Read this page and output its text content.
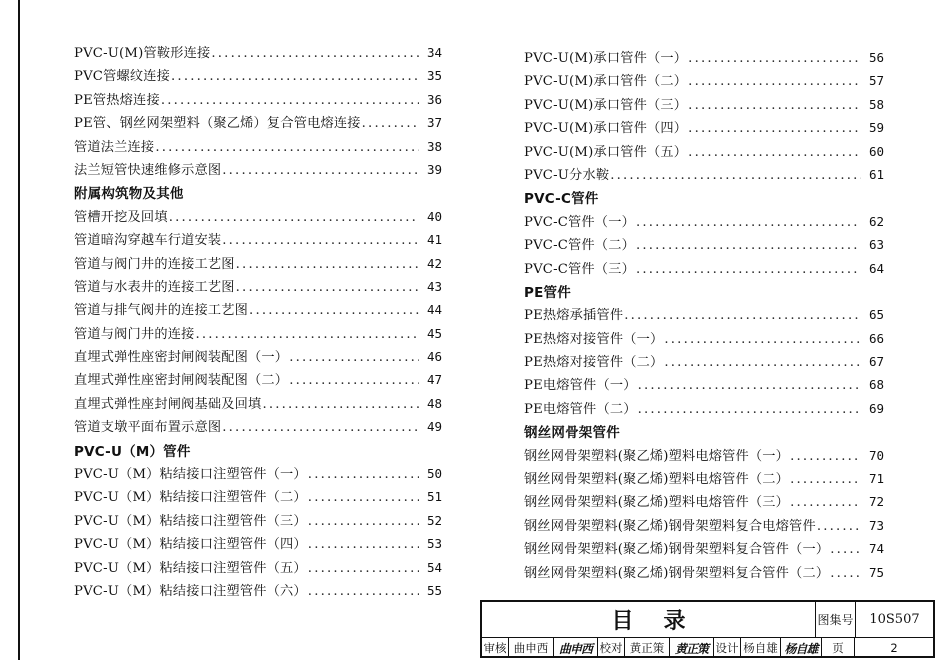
PVC-U(M)管鞍形连接 .....	34
PVC管螺纹连接 .....	35
PE管热熔连接 .....	36
PE管、钢丝网架塑料（聚乙烯）复合管电熔连接 .....	37
管道法兰连接 .....	38
法兰短管快速维修示意图 .....	39
附属构筑物及其他
管槽开挖及回填 .....	40
管道暗沟穿越车行道安装 .....	41
管道与阀门井的连接工艺图 .....	42
管道与水表井的连接工艺图 .....	43
管道与排气阀井的连接工艺图 .....	44
管道与阀门井的连接 .....	45
直埋式弹性座密封闸阀装配图（一） .....	46
直埋式弹性座密封闸阀装配图（二） .....	47
直埋式弹性座封闸阀基础及回填 .....	48
管道支墩平面布置示意图 .....	49
PVC-U（M）管件
PVC-U（M）粘结接口注塑管件（一） .....	50
PVC-U（M）粘结接口注塑管件（二） .....	51
PVC-U（M）粘结接口注塑管件（三） .....	52
PVC-U（M）粘结接口注塑管件（四） .....	53
PVC-U（M）粘结接口注塑管件（五） .....	54
PVC-U（M）粘结接口注塑管件（六） .....	55
PVC-U(M)承口管件（一） .....	56
PVC-U(M)承口管件（二） .....	57
PVC-U(M)承口管件（三） .....	58
PVC-U(M)承口管件（四） .....	59
PVC-U(M)承口管件（五） .....	60
PVC-U分水鞍 .....	61
PVC-C管件
PVC-C管件（一） .....	62
PVC-C管件（二） .....	63
PVC-C管件（三） .....	64
PE管件
PE热熔承插管件 .....	65
PE热熔对接管件（一） .....	66
PE热熔对接管件（二） .....	67
PE电熔管件（一） .....	68
PE电熔管件（二） .....	69
钢丝网骨架管件
钢丝网骨架塑料(聚乙烯)塑料电熔管件（一） .....	70
钢丝网骨架塑料(聚乙烯)塑料电熔管件（二） .....	71
钢丝网骨架塑料(聚乙烯)塑料电熔管件（三） .....	72
钢丝网骨架塑料(聚乙烯)钢骨架塑料复合电熔管件 .....	73
钢丝网骨架塑料(聚乙烯)钢骨架塑料复合管件（一） .....	74
钢丝网骨架塑料(聚乙烯)钢骨架塑料复合管件（二） .....	75
目录	图集号	10S507
审核 曲申西 曲申西 校对 黄正策 黄正策 设计 杨自雄 杨自雄	页	2
